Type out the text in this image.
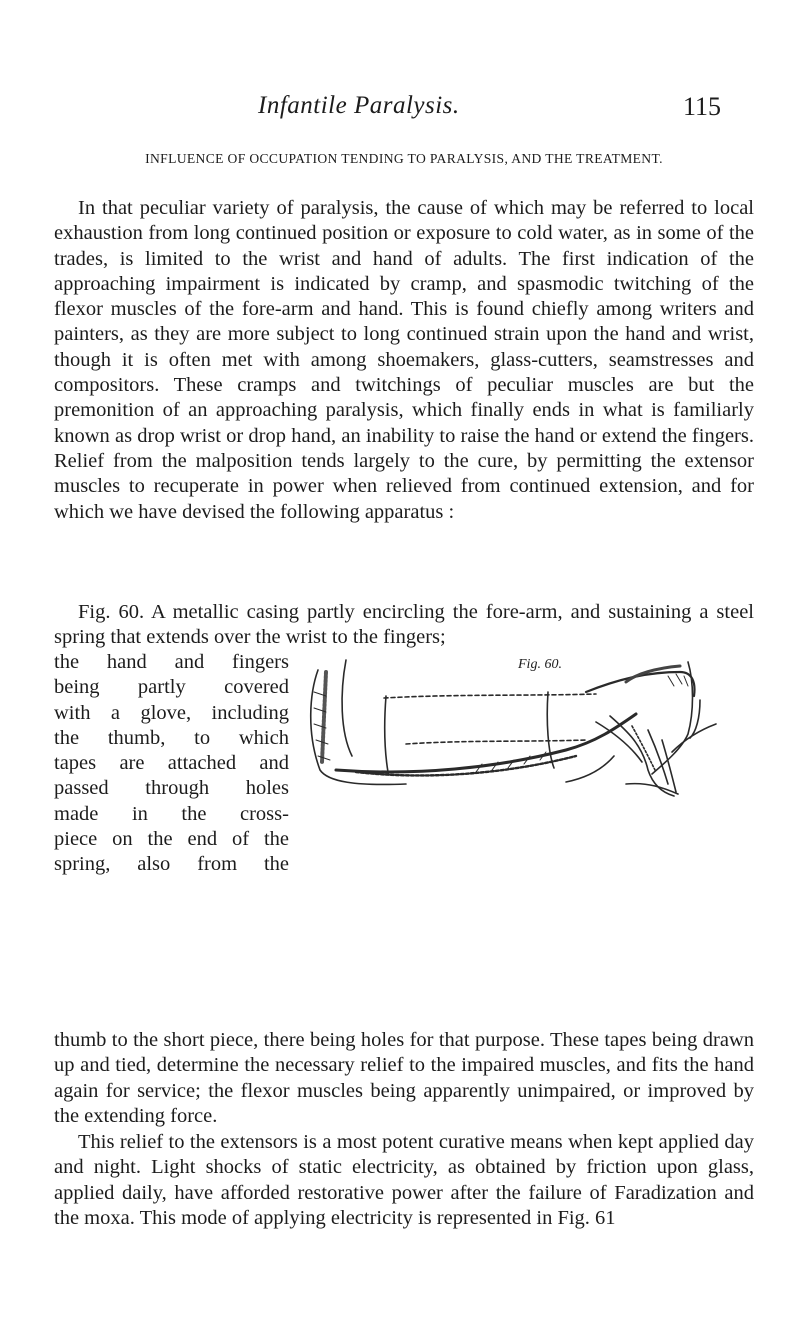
Infantile Paralysis.	115
INFLUENCE OF OCCUPATION TENDING TO PARALYSIS, AND THE TREATMENT.

In that peculiar variety of paralysis, the cause of which may be referred to local exhaustion from long continued position or exposure to cold water, as in some of the trades, is limited to the wrist and hand of adults. The first indication of the approaching impairment is indicated by cramp, and spasmodic twitching of the flexor muscles of the fore-arm and hand. This is found chiefly among writers and painters, as they are more subject to long continued strain upon the hand and wrist, though it is often met with among shoemakers, glass-cutters, seamstresses and compositors. These cramps and twitchings of peculiar muscles are but the premonition of an approaching paralysis, which finally ends in what is familiarly known as drop wrist or drop hand, an inability to raise the hand or extend the fingers. Relief from the malposition tends largely to the cure, by permitting the extensor muscles to recuperate in power when relieved from continued extension, and for which we have devised the following apparatus :

Fig. 60. A metallic casing partly encircling the fore-arm, and sustaining a steel spring that extends over the wrist to the fingers;

the hand and fingers
being partly covered
with a glove, including
the thumb, to which
tapes are attached and
passed through holes
made in the cross-
piece on the end of the
spring, also from the
Fig. 60.

thumb to the short piece, there being holes for that purpose. These tapes being drawn up and tied, determine the necessary relief to the impaired muscles, and fits the hand again for service; the flexor muscles being apparently unimpaired, or improved by the extending force.

This relief to the extensors is a most potent curative means when kept applied day and night. Light shocks of static electricity, as obtained by friction upon glass, applied daily, have afforded restorative power after the failure of Faradization and the moxa. This mode of applying electricity is represented in Fig. 61
